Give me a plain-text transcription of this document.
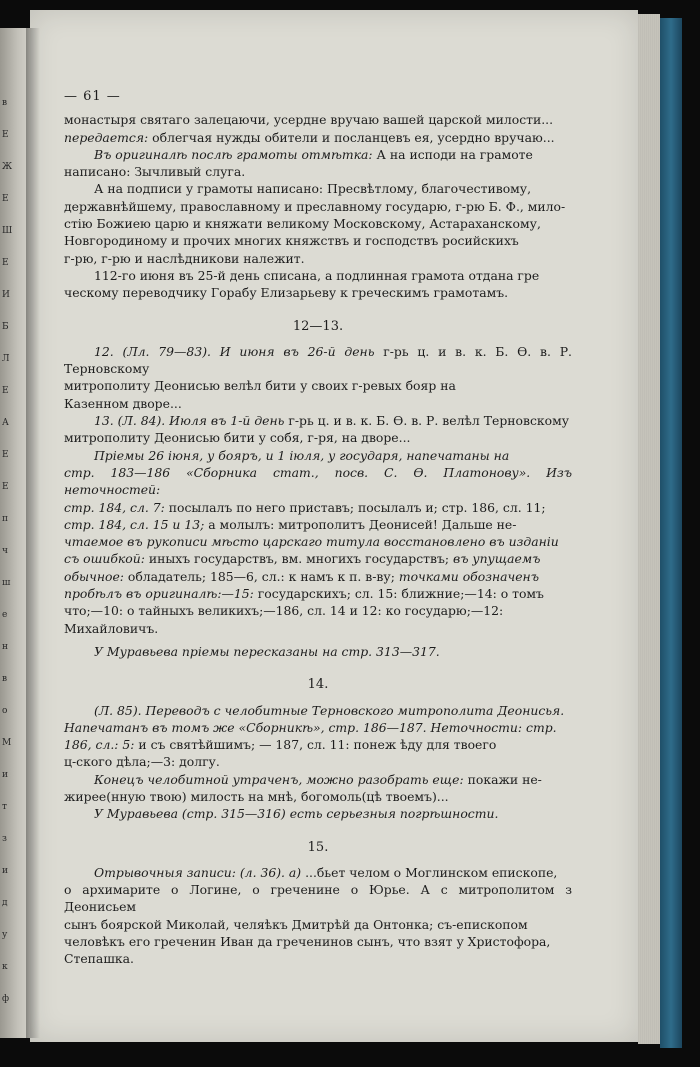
в
Е
Ж
Е
Ш
Е
И
Б
Л
Е
А
Е
Е
п
ч
ш
е
н
в
о
М
и
т
з
и
д
у
к
ф

— 61 —

монастыря святаго залецаючи, усердне вручаю вашей царской милости...

передается: облегчая нужды обители и посланцевъ ея, усердно вручаю...

Въ оригиналѣ послѣ грамоты отмѣтка: А на исподи на грамоте

написано: Зычливый слуга.

А на подписи у грамоты написано: Пресвѣтлому, благочестивому,

державнѣйшему, православному и преславному государю, г-рю Б. Ф., мило-

стію Божиею царю и княжати великому Московскому, Астараханскому,

Новгородиному и прочих многих княжствъ и господствъ росийскихъ

г-рю, г-рю и наслѣдникови належит.

112-го июня въ 25-й день списана, а подлинная грамота отдана гре

ческому переводчику Горабу Елизарьеву к греческимъ грамотамъ.

12—13.

12. (Лл. 79—83). И июня въ 26-й день г-рь ц. и в. к. Б. Ѳ. в. Р. Терновскому

митрополиту Деонисью велѣл бити у своих г-ревых бояр на

Казенном дворе...

13. (Л. 84). Июля въ 1-й день г-рь ц. и в. к. Б. Ѳ. в. Р. велѣл Терновскому

митрополиту Деонисью бити у собя, г-ря, на дворе...

Пріемы 26 іюня, у бояръ, и 1 іюля, у государя, напечатаны на

стр. 183—186 «Сборника стат., посв. С. Ѳ. Платонову». Изъ неточностей:

стр. 184, сл. 7: посылалъ по него приставъ; посылалъ и; стр. 186, сл. 11;

стр. 184, сл. 15 и 13; а молылъ: митрополитъ Деонисей! Дальше не-

чтаемое въ рукописи мѣсто царскаго титула восстановлено въ изданіи

съ ошибкой: иныхъ государствъ, вм. многихъ государствъ; въ упущаемъ

обычное: обладатель; 185—6, сл.: к намъ к п. в-ву; точками обозначенъ

пробѣлъ въ оригиналѣ:—15: государскихъ; сл. 15: ближние;—14: о томъ

что;—10: о тайныхъ великихъ;—186, сл. 14 и 12: ко государю;—12:

Михайловичъ.

У Муравьева пріемы пересказаны на стр. 313—317.

14.

(Л. 85). Переводъ с челобитные Терновского митрополита Деонисья.

Напечатанъ въ томъ же «Сборникѣ», стр. 186—187. Неточности: стр.

186, сл.: 5: и съ святѣйшимъ; — 187, сл. 11: понеж ѣду для твоего

ц-ского дѣла;—3: долгу.

Конецъ челобитной утраченъ, можно разобрать еще: покажи не-

жирее(нную твою) милость на мнѣ, богомоль(цѣ твоемъ)...

У Муравьева (стр. 315—316) есть серьезныя погрѣшности.

15.

Отрывочныя записи: (л. 36). а) ...бьет челом о Моглинском епископе,

о архимарите о Логине, о греченине о Юрье. А с митрополитом з Деонисьем

сынъ боярской Миколай, челяѣкъ Дмитрѣй да Онтонка; съ-епископом

человѣкъ его греченин Иван да греченинов сынъ, что взят у Христофора,

Степашка.
